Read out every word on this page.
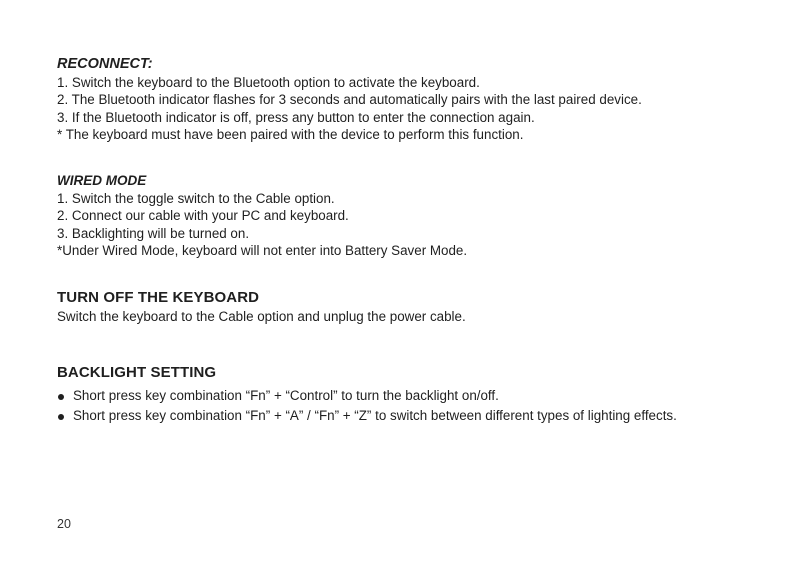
RECONNECT:

1. Switch the keyboard to the Bluetooth option to activate the keyboard.

2. The Bluetooth indicator flashes for 3 seconds and automatically pairs with the last paired device.

3. If the Bluetooth indicator is off, press any button to enter the connection again.

* The keyboard must have been paired with the device to perform this function.

WIRED MODE

1. Switch the toggle switch to the Cable option.

2. Connect our cable with your PC and keyboard.

3. Backlighting will be turned on.

*Under Wired Mode, keyboard will not enter into Battery Saver Mode.

TURN OFF THE KEYBOARD

Switch the keyboard to the Cable option and unplug the power cable.

BACKLIGHT SETTING

Short press key combination “Fn” + “Control” to turn the backlight on/off.
Short press key combination “Fn” + “A” / “Fn” + “Z” to switch between different types of lighting effects.
20
